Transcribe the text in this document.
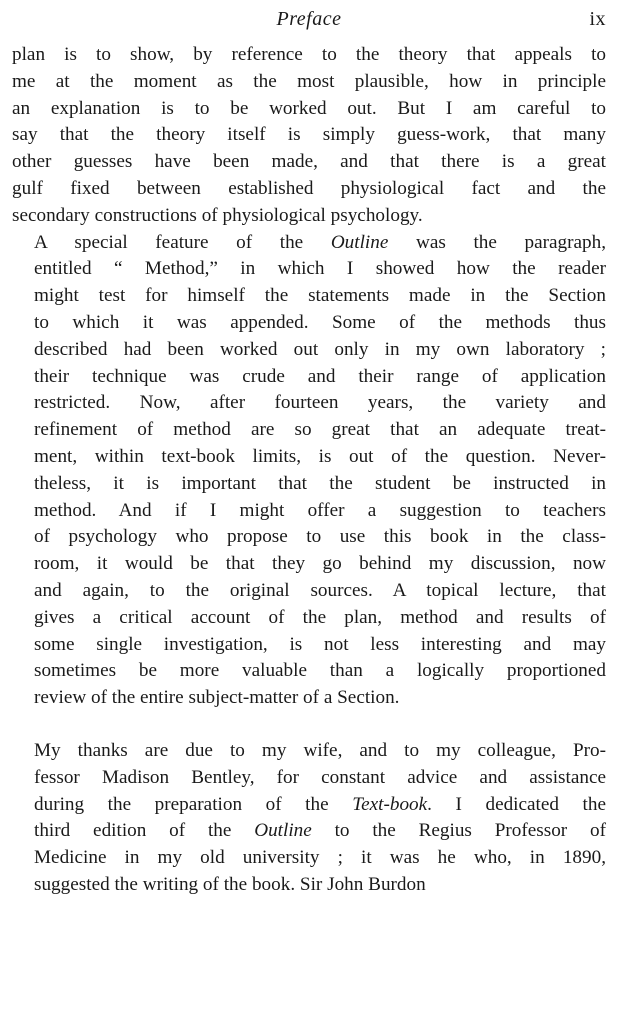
Preface	ix

plan is to show, by reference to the theory that appeals to
me at the moment as the most plausible, how in principle
an explanation is to be worked out. But I am careful to
say that the theory itself is simply guess-work, that many
other guesses have been made, and that there is a great
gulf fixed between established physiological fact and the
secondary constructions of physiological psychology.

A special feature of the Outline was the paragraph,
entitled “ Method,” in which I showed how the reader
might test for himself the statements made in the Section
to which it was appended. Some of the methods thus
described had been worked out only in my own laboratory ;
their technique was crude and their range of application
restricted. Now, after fourteen years, the variety and
refinement of method are so great that an adequate treat-
ment, within text-book limits, is out of the question. Never-
theless, it is important that the student be instructed in
method. And if I might offer a suggestion to teachers
of psychology who propose to use this book in the class-
room, it would be that they go behind my discussion, now
and again, to the original sources. A topical lecture, that
gives a critical account of the plan, method and results of
some single investigation, is not less interesting and may
sometimes be more valuable than a logically proportioned
review of the entire subject-matter of a Section.

My thanks are due to my wife, and to my colleague, Pro-
fessor Madison Bentley, for constant advice and assistance
during the preparation of the Text-book. I dedicated the
third edition of the Outline to the Regius Professor of
Medicine in my old university ; it was he who, in 1890,
suggested the writing of the book. Sir John Burdon
